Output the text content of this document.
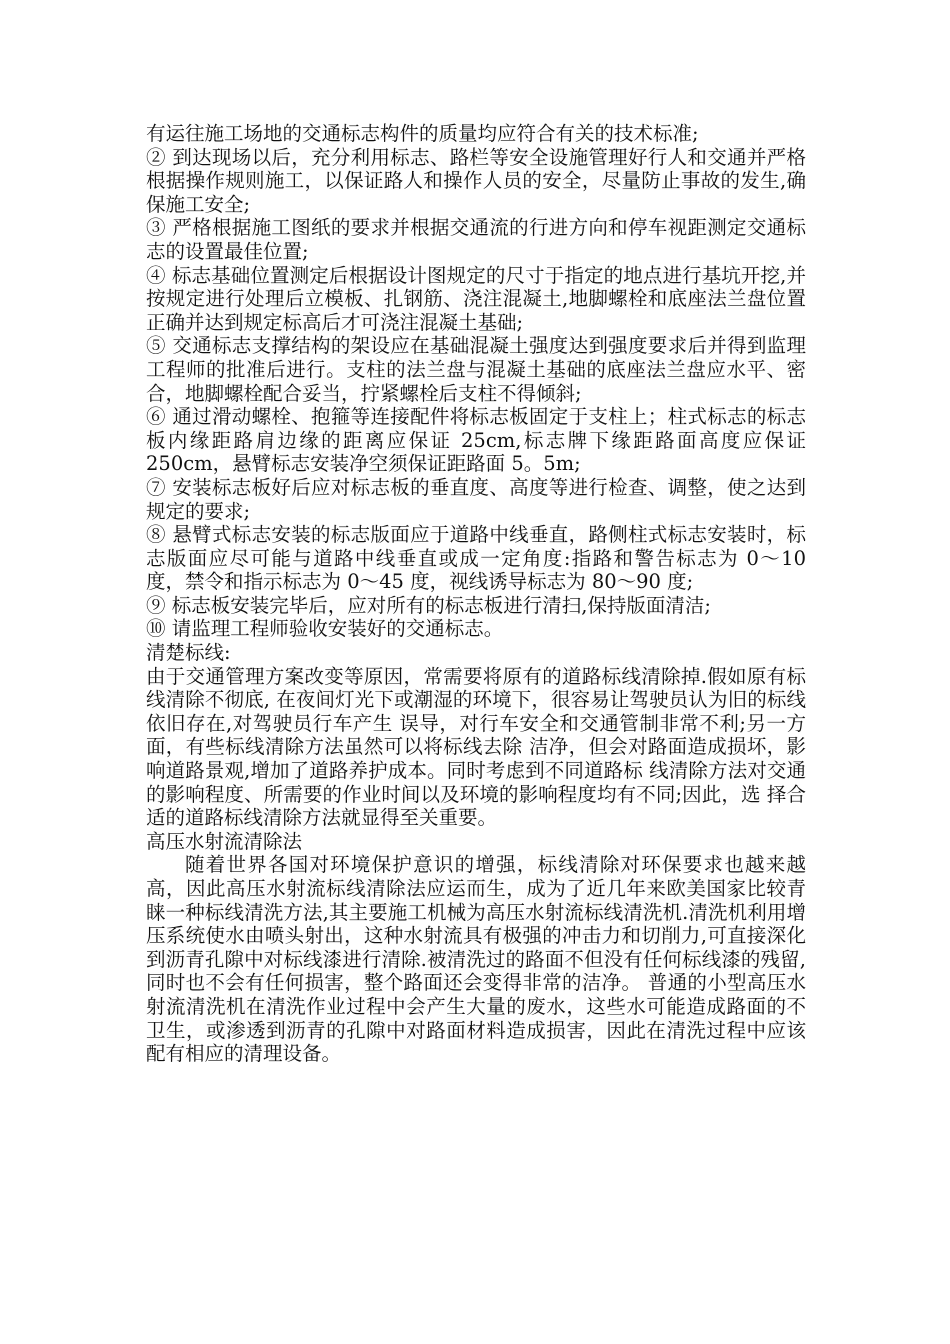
有运往施工场地的交通标志构件的质量均应符合有关的技术标准;

② 到达现场以后，充分利用标志、路栏等安全设施管理好行人和交通并严格根据操作规则施工，以保证路人和操作人员的安全，尽量防止事故的发生,确保施工安全;

③ 严格根据施工图纸的要求并根据交通流的行进方向和停车视距测定交通标志的设置最佳位置;

④ 标志基础位置测定后根据设计图规定的尺寸于指定的地点进行基坑开挖,并按规定进行处理后立模板、扎钢筋、浇注混凝土,地脚螺栓和底座法兰盘位置正确并达到规定标高后才可浇注混凝土基础;

⑤ 交通标志支撑结构的架设应在基础混凝土强度达到强度要求后并得到监理工程师的批准后进行。支柱的法兰盘与混凝土基础的底座法兰盘应水平、密合，地脚螺栓配合妥当，拧紧螺栓后支柱不得倾斜;

⑥ 通过滑动螺栓、抱箍等连接配件将标志板固定于支柱上；柱式标志的标志板内缘距路肩边缘的距离应保证 25cm,标志牌下缘距路面高度应保证 250cm，悬臂标志安装净空须保证距路面 5。5m;

⑦ 安装标志板好后应对标志板的垂直度、高度等进行检查、调整，使之达到规定的要求;

⑧ 悬臂式标志安装的标志版面应于道路中线垂直，路侧柱式标志安装时，标志版面应尽可能与道路中线垂直或成一定角度:指路和警告标志为 0～10 度，禁令和指示标志为 0～45 度，视线诱导标志为 80～90 度;

⑨ 标志板安装完毕后，应对所有的标志板进行清扫,保持版面清洁;

⑩ 请监理工程师验收安装好的交通标志。

清楚标线:

由于交通管理方案改变等原因，常需要将原有的道路标线清除掉.假如原有标线清除不彻底, 在夜间灯光下或潮湿的环境下，很容易让驾驶员认为旧的标线依旧存在,对驾驶员行车产生 误导，对行车安全和交通管制非常不利;另一方面，有些标线清除方法虽然可以将标线去除 洁净，但会对路面造成损坏，影响道路景观,增加了道路养护成本。同时考虑到不同道路标 线清除方法对交通的影响程度、所需要的作业时间以及环境的影响程度均有不同;因此，选 择合适的道路标线清除方法就显得至关重要。

高压水射流清除法

随着世界各国对环境保护意识的增强，标线清除对环保要求也越来越高，因此高压水射流标线清除法应运而生，成为了近几年来欧美国家比较青睐一种标线清洗方法,其主要施工机械为高压水射流标线清洗机.清洗机利用增压系统使水由喷头射出，这种水射流具有极强的冲击力和切削力,可直接深化到沥青孔隙中对标线漆进行清除.被清洗过的路面不但没有任何标线漆的残留,同时也不会有任何损害，整个路面还会变得非常的洁净。 普通的小型高压水射流清洗机在清洗作业过程中会产生大量的废水，这些水可能造成路面的不卫生，或渗透到沥青的孔隙中对路面材料造成损害，因此在清洗过程中应该配有相应的清理设备。
